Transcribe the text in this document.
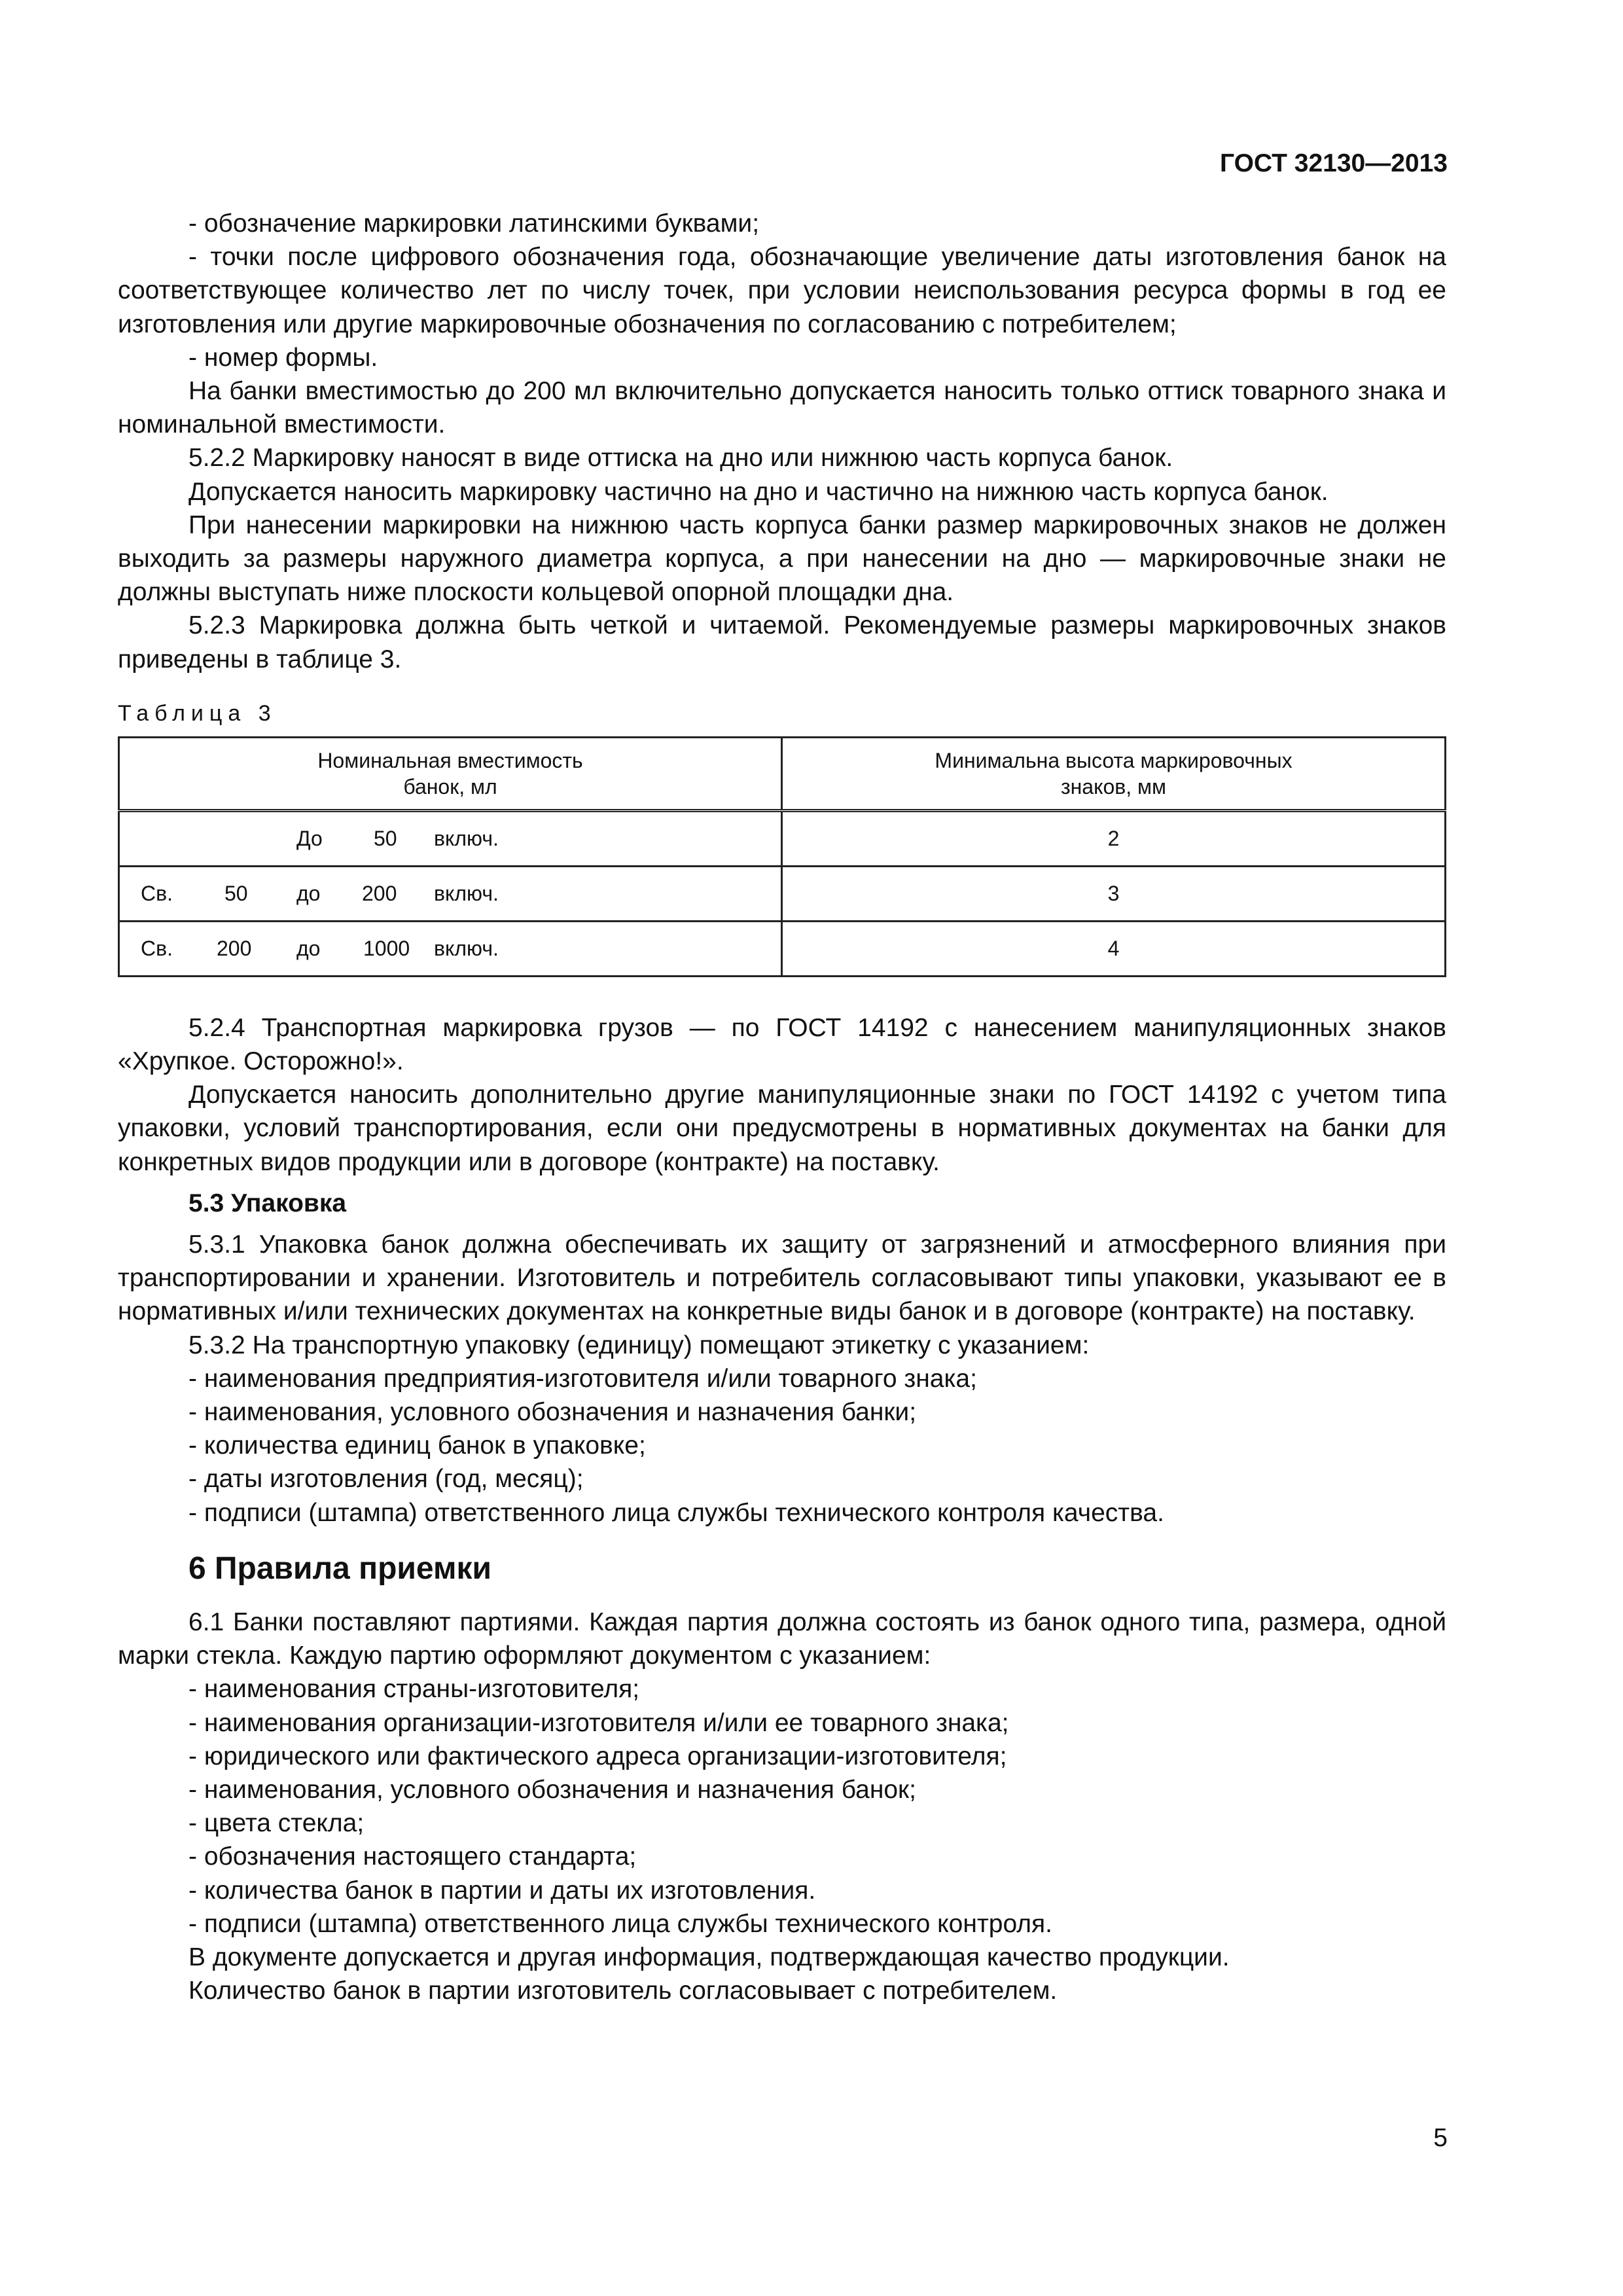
ГОСТ 32130—2013

- обозначение маркировки латинскими буквами;

- точки после цифрового обозначения года, обозначающие увеличение даты изготовления банок на соответствующее количество лет по числу точек, при условии неиспользования ресурса формы в год ее изготовления или другие маркировочные обозначения по согласованию с потребителем;

- номер формы.

На банки вместимостью до 200 мл включительно допускается наносить только оттиск товарного знака и номинальной вместимости.

5.2.2 Маркировку наносят в виде оттиска на дно или нижнюю часть корпуса банок.

Допускается наносить маркировку частично на дно и частично на нижнюю часть корпуса банок.

При нанесении маркировки на нижнюю часть корпуса банки размер маркировочных знаков не должен выходить за размеры наружного диаметра корпуса, а при нанесении на дно — маркировочные знаки не должны выступать ниже плоскости кольцевой опорной площадки дна.

5.2.3 Маркировка должна быть четкой и читаемой. Рекомендуемые размеры маркировочных знаков приведены в таблице 3.

Таблица 3
Номинальная вместимость
банок, мл	Минимальна высота маркировочных
знаков, мм

До 50 включ.	2

Св. 50 до 200 включ.	3

Св. 200 до 1000 включ.	4

5.2.4 Транспортная маркировка грузов — по ГОСТ 14192 с нанесением манипуляционных знаков «Хрупкое. Осторожно!».

Допускается наносить дополнительно другие манипуляционные знаки по ГОСТ 14192 с учетом типа упаковки, условий транспортирования, если они предусмотрены в нормативных документах на банки для конкретных видов продукции или в договоре (контракте) на поставку.

5.3 Упаковка

5.3.1 Упаковка банок должна обеспечивать их защиту от загрязнений и атмосферного влияния при транспортировании и хранении. Изготовитель и потребитель согласовывают типы упаковки, указывают ее в нормативных и/или технических документах на конкретные виды банок и в договоре (контракте) на поставку.

5.3.2 На транспортную упаковку (единицу) помещают этикетку с указанием:

- наименования предприятия-изготовителя и/или товарного знака;

- наименования, условного обозначения и назначения банки;

- количества единиц банок в упаковке;

- даты изготовления (год, месяц);

- подписи (штампа) ответственного лица службы технического контроля качества.

6 Правила приемки

6.1 Банки поставляют партиями. Каждая партия должна состоять из банок одного типа, размера, одной марки стекла. Каждую партию оформляют документом с указанием:

- наименования страны-изготовителя;

- наименования организации-изготовителя и/или ее товарного знака;

- юридического или фактического адреса организации-изготовителя;

- наименования, условного обозначения и назначения банок;

- цвета стекла;

- обозначения настоящего стандарта;

- количества банок в партии и даты их изготовления.

- подписи (штампа) ответственного лица службы технического контроля.

В документе допускается и другая информация, подтверждающая качество продукции.

Количество банок в партии изготовитель согласовывает с потребителем.

5
